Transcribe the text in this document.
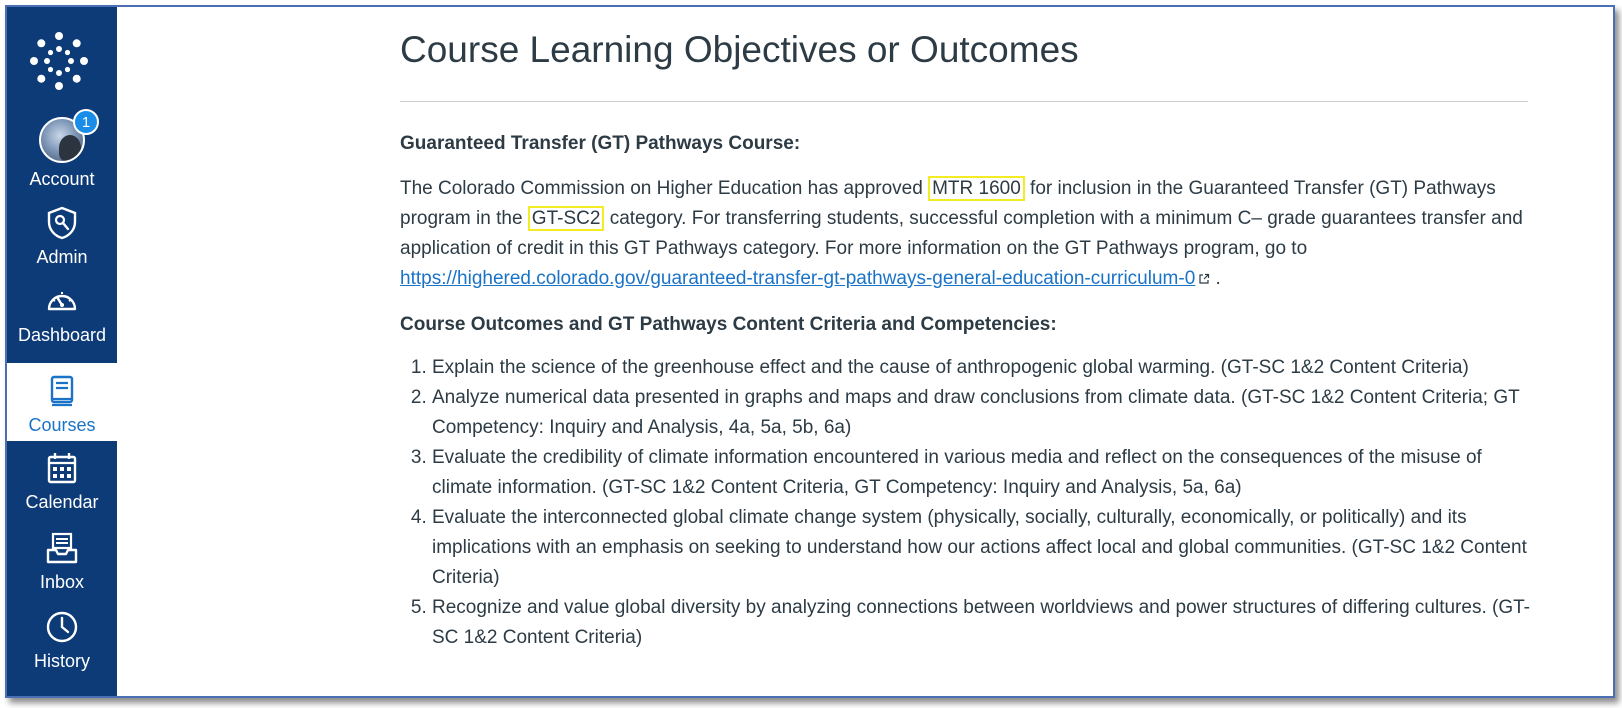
1
Account
Admin
Dashboard
Courses
Calendar
Inbox
History
Course Learning Objectives or Outcomes
Guaranteed Transfer (GT) Pathways Course:
The Colorado Commission on Higher Education has approved MTR 1600 for inclusion in the Guaranteed Transfer (GT) Pathways program in the GT-SC2 category. For transferring students, successful completion with a minimum C– grade guarantees transfer and application of credit in this GT Pathways category. For more information on the GT Pathways program, go to https://highered.colorado.gov/guaranteed-transfer-gt-pathways-general-education-curriculum-0 .
Course Outcomes and GT Pathways Content Criteria and Competencies:
1. Explain the science of the greenhouse effect and the cause of anthropogenic global warming. (GT-SC 1&2 Content Criteria)
2. Analyze numerical data presented in graphs and maps and draw conclusions from climate data. (GT-SC 1&2 Content Criteria; GT Competency: Inquiry and Analysis, 4a, 5a, 5b, 6a)
3. Evaluate the credibility of climate information encountered in various media and reflect on the consequences of the misuse of climate information. (GT-SC 1&2 Content Criteria, GT Competency: Inquiry and Analysis, 5a, 6a)
4. Evaluate the interconnected global climate change system (physically, socially, culturally, economically, or politically) and its implications with an emphasis on seeking to understand how our actions affect local and global communities. (GT-SC 1&2 Content Criteria)
5. Recognize and value global diversity by analyzing connections between worldviews and power structures of differing cultures. (GT-SC 1&2 Content Criteria)
